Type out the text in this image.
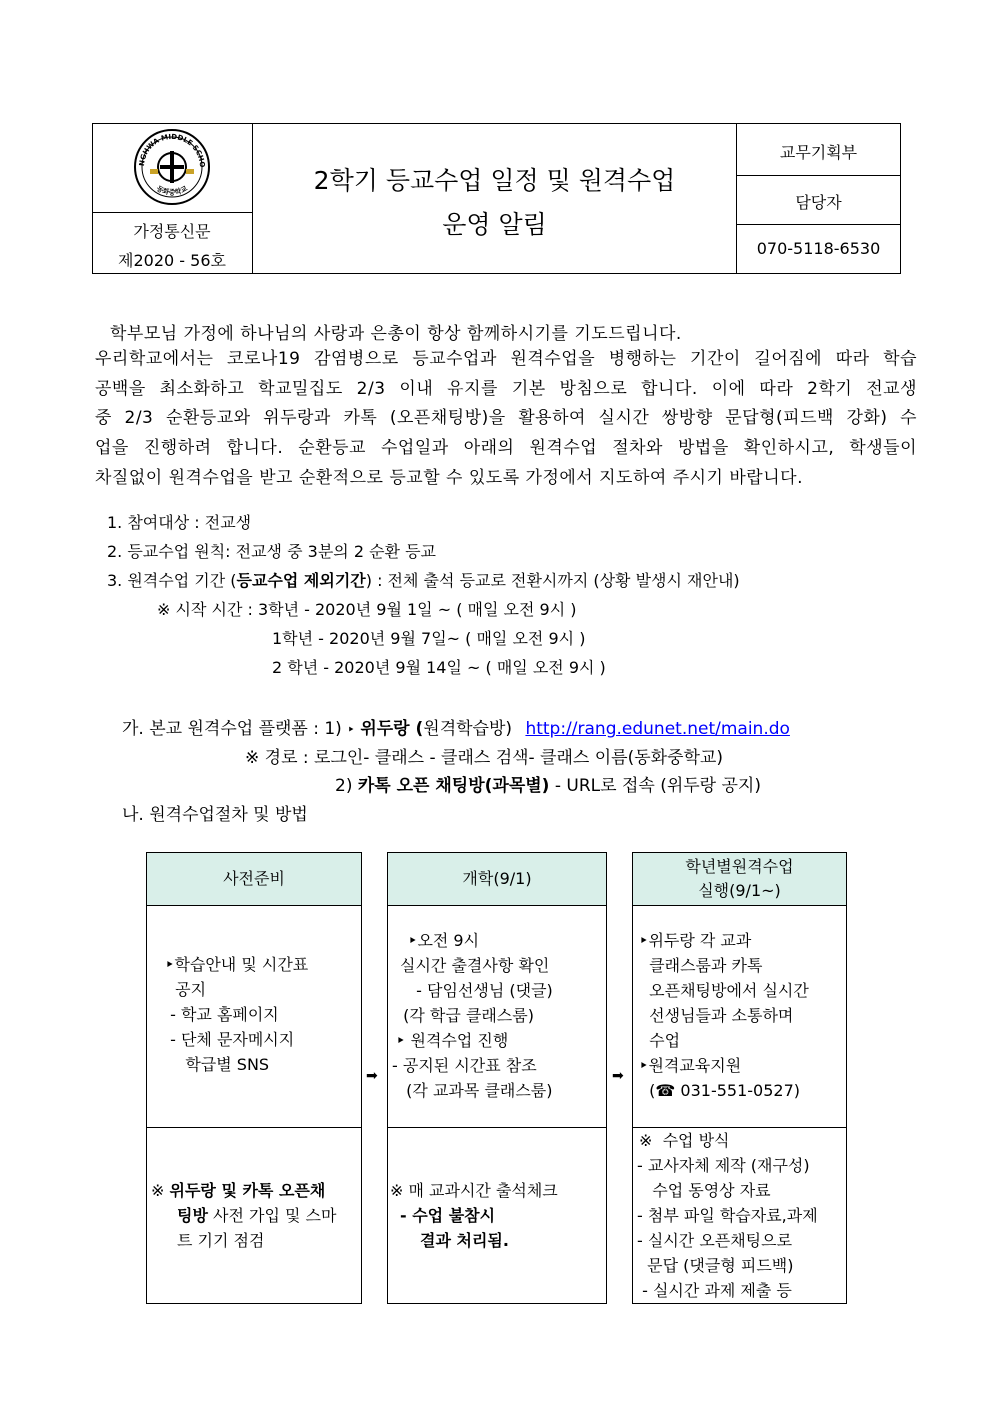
NGHWA MIDDLE SCHO
동화중학교
가정통신문
제2020 - 56호
2학기 등교수업 일정 및 원격수업
운영 알림
교무기획부
담당자
070-5118-6530
학부모님 가정에 하나님의 사랑과 은총이 항상 함께하시기를 기도드립니다.
우리학교에서는 코로나19 감염병으로 등교수업과 원격수업을 병행하는 기간이 길어짐에 따라 학습
공백을 최소화하고 학교밀집도 2/3 이내 유지를 기본 방침으로 합니다. 이에 따라 2학기 전교생
중 2/3 순환등교와 위두랑과 카톡 (오픈채팅방)을 활용하여 실시간 쌍방향 문답형(피드백 강화) 수
업을 진행하려 합니다. 순환등교 수업일과 아래의 원격수업 절차와 방법을 확인하시고, 학생들이
차질없이 원격수업을 받고 순환적으로 등교할 수 있도록 가정에서 지도하여 주시기 바랍니다.
1. 참여대상 : 전교생
2. 등교수업 원칙: 전교생 중 3분의 2 순환 등교
3. 원격수업 기간 (등교수업 제외기간) : 전체 출석 등교로 전환시까지 (상황 발생시 재안내)
※ 시작 시간 : 3학년 - 2020년 9월 1일 ~ ( 매일 오전 9시 )
1학년 - 2020년 9월 7일~ ( 매일 오전 9시 )
2 학년 - 2020년 9월 14일 ~ ( 매일 오전 9시 )
가. 본교 원격수업 플랫폼 : 1) ‣ 위두랑 (원격학습방) http://rang.edunet.net/main.do
※ 경로 : 로그인- 클래스 - 클래스 검색- 클래스 이름(동화중학교)
2) 카톡 오픈 채팅방(과목별) - URL로 접속 (위두랑 공지)
나. 원격수업절차 및 방법
사전준비
‣학습안내 및 시간표
공지
- 학교 홈페이지
- 단체 문자메시지
학급별 SNS
※ 위두랑 및 카톡 오픈채
팅방 사전 가입 및 스마
트 기기 점검
개학(9/1)
‣오전 9시
실시간 출결사항 확인
- 담임선생님 (댓글)
(각 학급 클래스룸)
‣ 원격수업 진행
- 공지된 시간표 참조
(각 교과목 클래스룸)
※ 매 교과시간 출석체크
- 수업 불참시
결과 처리됨.
학년별원격수업
실행(9/1~)
‣위두랑 각 교과
클래스룸과 카톡
오픈채팅방에서 실시간
선생님들과 소통하며
수업
‣원격교육지원
(☎ 031-551-0527)
※  수업 방식
- 교사자체 제작 (재구성)
수업 동영상 자료
- 첨부 파일 학습자료,과제
- 실시간 오픈채팅으로
문답 (댓글형 피드백)
- 실시간 과제 제출 등
➡	➡
